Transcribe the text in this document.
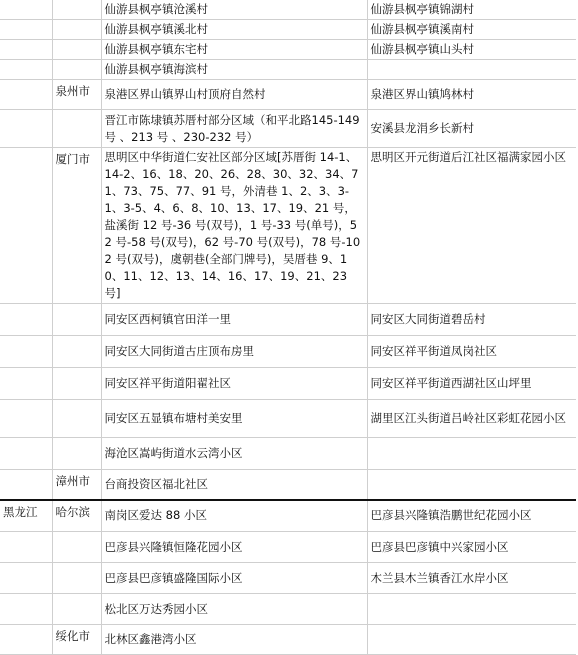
		仙游县枫亭镇沧溪村	仙游县枫亭镇锦湖村
		仙游县枫亭镇溪北村	仙游县枫亭镇溪南村
		仙游县枫亭镇东宅村	仙游县枫亭镇山头村
		仙游县枫亭镇海滨村	
	泉州市	泉港区界山镇界山村顶府自然村	泉港区界山镇鸠林村
		晋江市陈埭镇苏厝村部分区域（和平北路145-149 号 、213 号 、230-232 号）	安溪县龙涓乡长新村
	厦门市	思明区中华街道仁安社区部分区域[苏厝街 14-1、14-2、16、18、20、26、28、30、32、34、71、73、75、77、91 号，外清巷 1、2、3、3-1、3-5、4、6、8、10、13、17、19、21 号，盐溪街 12 号-36 号(双号)，1 号-33 号(单号)，52 号-58 号(双号)，62 号-70 号(双号)，78 号-102 号(双号)，虞朝巷(全部门牌号)，吴厝巷 9、10、11、12、13、14、16、17、19、21、23 号]	思明区开元街道后江社区福满家园小区
		同安区西柯镇官田洋一里	同安区大同街道碧岳村
		同安区大同街道古庄顶布房里	同安区祥平街道凤岗社区
		同安区祥平街道阳翟社区	同安区祥平街道西湖社区山坪里
		同安区五显镇布塘村美安里	湖里区江头街道吕岭社区彩虹花园小区
		海沧区嵩屿街道水云湾小区	
	漳州市	台商投资区福北社区	
黑龙江	哈尔滨	南岗区爱达 88 小区	巴彦县兴隆镇浩鹏世纪花园小区
		巴彦县兴隆镇恒隆花园小区	巴彦县巴彦镇中兴家园小区
		巴彦县巴彦镇盛隆国际小区	木兰县木兰镇香江水岸小区
		松北区万达秀园小区	
	绥化市	北林区鑫港湾小区	
